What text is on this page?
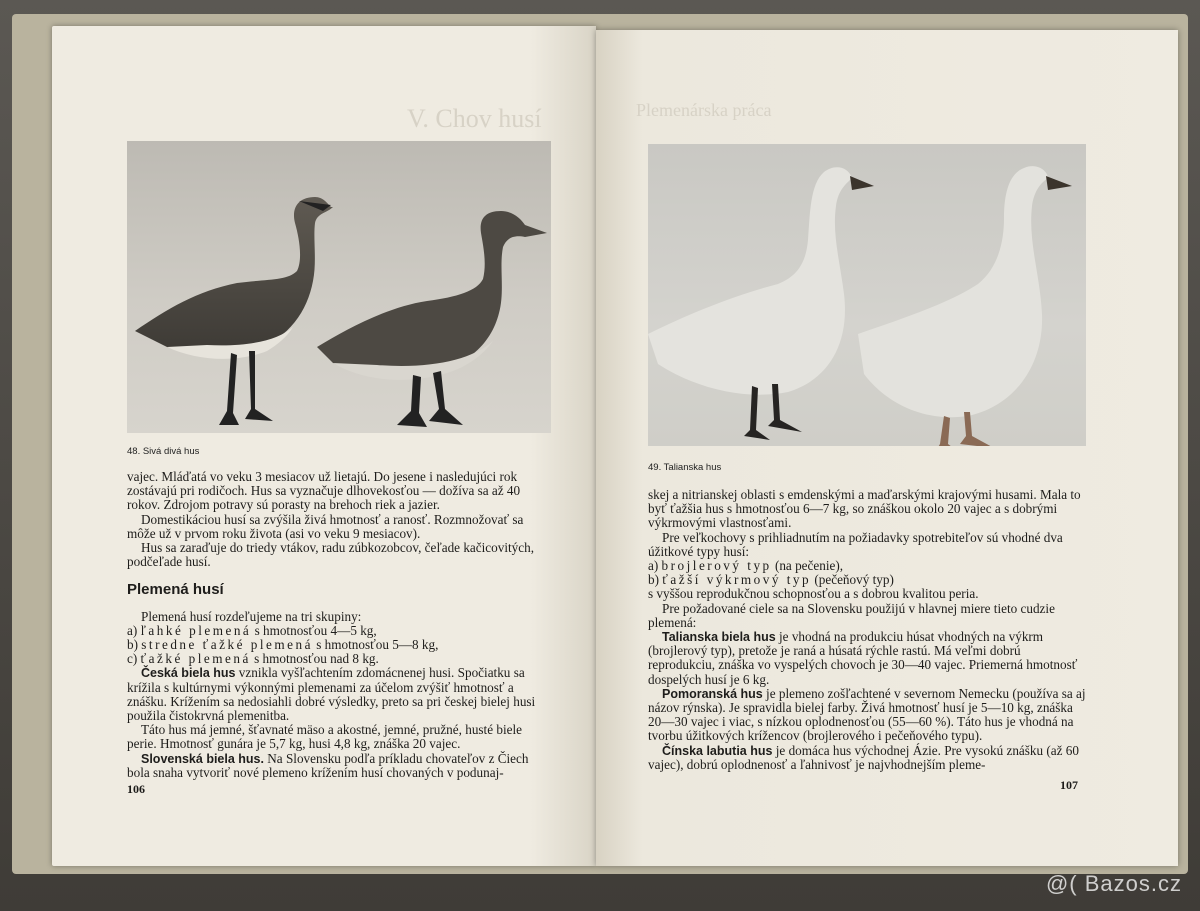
V. Chov husí
48. Sivá divá hus

vajec. Mláďatá vo veku 3 mesiacov už lietajú. Do jesene i nasledujúci rok zostávajú pri rodičoch. Hus sa vyznačuje dlhovekosťou — dožíva sa až 40 rokov. Zdrojom potravy sú porasty na brehoch riek a jazier.

Domestikáciou husí sa zvýšila živá hmotnosť a ranosť. Rozmnožovať sa môže už v prvom roku života (asi vo veku 9 mesiacov).

Hus sa zaraďuje do triedy vtákov, radu zúbkozobcov, čeľade kačicovitých, podčeľade husí.

Plemená husí

Plemená husí rozdeľujeme na tri skupiny:

a) ľahké plemená s hmotnosťou 4—5 kg,

b) stredne ťažké plemená s hmotnosťou 5—8 kg,

c) ťažké plemená s hmotnosťou nad 8 kg.

Česká biela hus vznikla vyšľachtením zdomácnenej husi. Spočiatku sa krížila s kultúrnymi výkonnými plemenami za účelom zvýšiť hmotnosť a znášku. Krížením sa nedosiahli dobré výsledky, preto sa pri českej bielej husi použila čistokrvná plemenitba.

Táto hus má jemné, šťavnaté mäso a akostné, jemné, pružné, husté biele perie. Hmotnosť gunára je 5,7 kg, husi 4,8 kg, znáška 20 vajec.

Slovenská biela hus. Na Slovensku podľa príkladu chovateľov z Čiech bola snaha vytvoriť nové plemeno krížením husí chovaných v podunaj-

106
Plemenárska práca
49. Talianska hus

skej a nitrianskej oblasti s emdenskými a maďarskými krajovými husami. Mala to byť ťažšia hus s hmotnosťou 6—7 kg, so znáškou okolo 20 vajec a s dobrými výkrmovými vlastnosťami.

Pre veľkochovy s prihliadnutím na požiadavky spotrebiteľov sú vhodné dva úžitkové typy husí:

a) brojlerový typ (na pečenie),

b) ťažší výkrmový typ (pečeňový typ)

s vyššou reprodukčnou schopnosťou a s dobrou kvalitou peria.

Pre požadované ciele sa na Slovensku použijú v hlavnej miere tieto cudzie plemená:

Talianska biela hus je vhodná na produkciu húsat vhodných na výkrm (brojlerový typ), pretože je raná a húsatá rýchle rastú. Má veľmi dobrú reprodukciu, znáška vo vyspelých chovoch je 30—40 vajec. Priemerná hmotnosť dospelých husí je 6 kg.

Pomoranská hus je plemeno zošľachtené v severnom Nemecku (používa sa aj názov rýnska). Je spravidla bielej farby. Živá hmotnosť husí je 5—10 kg, znáška 20—30 vajec i viac, s nízkou oplodnenosťou (55—60 %). Táto hus je vhodná na tvorbu úžitkových krížencov (brojlerového i pečeňového typu).

Čínska labutia hus je domáca hus východnej Ázie. Pre vysokú znášku (až 60 vajec), dobrú oplodnenosť a ľahnivosť je najvhodnejším pleme-

107
@( Bazos.cz
